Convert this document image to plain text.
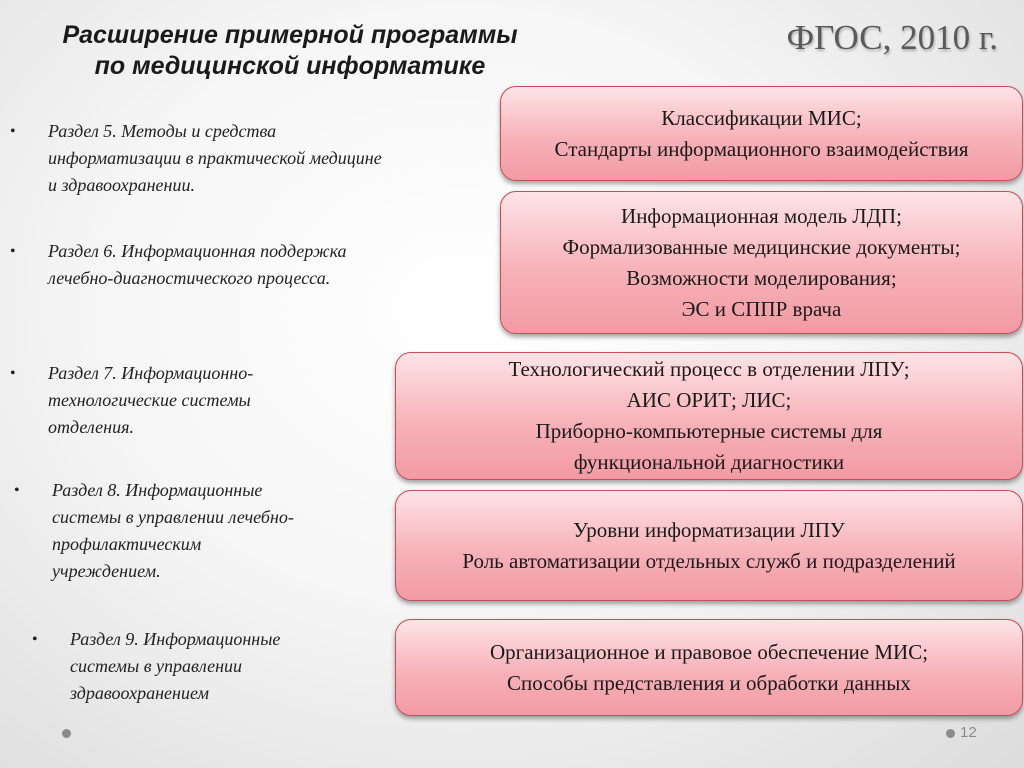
Расширение примерной программы
по медицинской информатике
ФГОС, 2010 г.
• Раздел 5. Методы и средства
информатизации в практической медицине
и здравоохранении.
• Раздел 6. Информационная поддержка
лечебно-диагностического процесса.
• Раздел 7. Информационно-
технологические системы
отделения.
• Раздел 8. Информационные
системы в управлении лечебно-
профилактическим
учреждением.
• Раздел 9. Информационные
системы в управлении
здравоохранением
Классификации МИС;
Стандарты информационного взаимодействия
Информационная модель ЛДП;
Формализованные медицинские документы;
Возможности моделирования;
ЭС и СППР врача
Технологический процесс в отделении ЛПУ;
АИС ОРИТ; ЛИС;
Приборно-компьютерные системы для
функциональной диагностики
Уровни информатизации ЛПУ
Роль автоматизации отдельных служб и подразделений
Организационное и правовое обеспечение МИС;
Способы представления и обработки данных
12
